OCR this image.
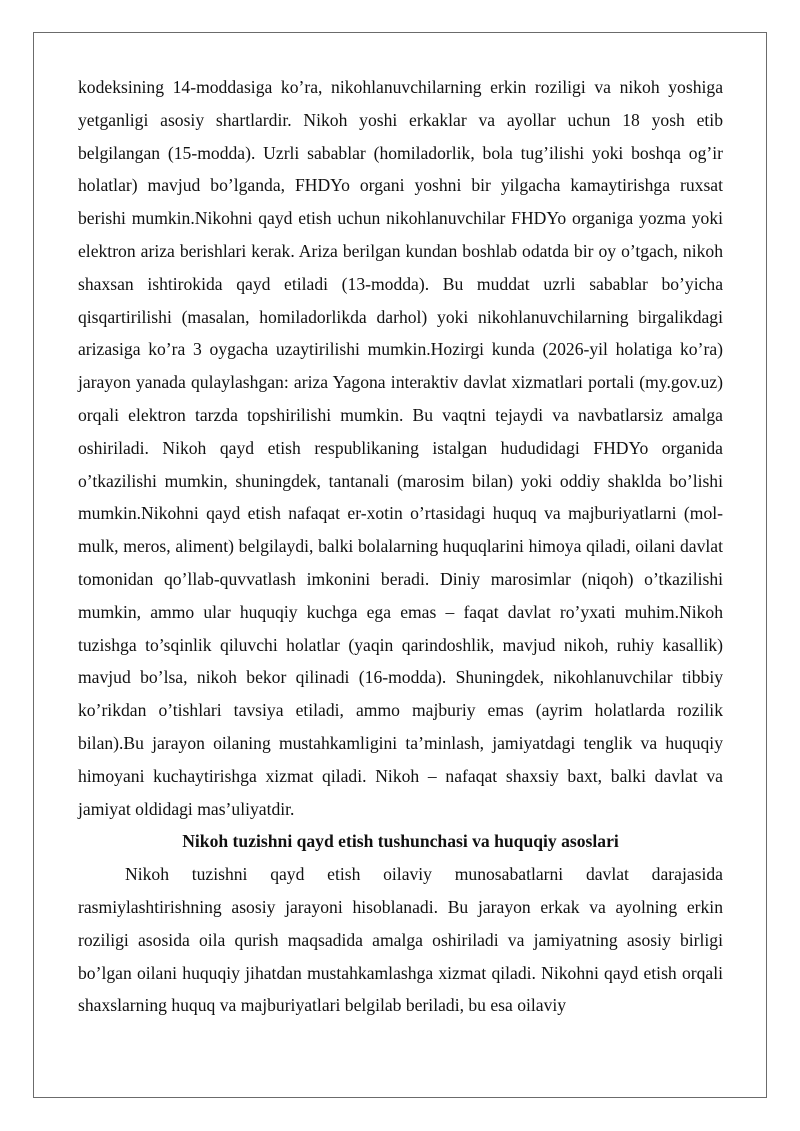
kodeksining 14-moddasiga ko’ra, nikohlanuvchilarning erkin roziligi va nikoh yoshiga yetganligi asosiy shartlardir. Nikoh yoshi erkaklar va ayollar uchun 18 yosh etib belgilangan (15-modda). Uzrli sabablar (homiladorlik, bola tug’ilishi yoki boshqa og’ir holatlar) mavjud bo’lganda, FHDYo organi yoshni bir yilgacha kamaytirishga ruxsat berishi mumkin.Nikohni qayd etish uchun nikohlanuvchilar FHDYo organiga yozma yoki elektron ariza berishlari kerak. Ariza berilgan kundan boshlab odatda bir oy o’tgach, nikoh shaxsan ishtirokida qayd etiladi (13-modda). Bu muddat uzrli sabablar bo’yicha qisqartirilishi (masalan, homiladorlikda darhol) yoki nikohlanuvchilarning birgalikdagi arizasiga ko’ra 3 oygacha uzaytirilishi mumkin.Hozirgi kunda (2026-yil holatiga ko’ra) jarayon yanada qulaylashgan: ariza Yagona interaktiv davlat xizmatlari portali (my.gov.uz) orqali elektron tarzda topshirilishi mumkin. Bu vaqtni tejaydi va navbatlarsiz amalga oshiriladi. Nikoh qayd etish respublikaning istalgan hududidagi FHDYo organida o’tkazilishi mumkin, shuningdek, tantanali (marosim bilan) yoki oddiy shaklda bo’lishi mumkin.Nikohni qayd etish nafaqat er-xotin o’rtasidagi huquq va majburiyatlarni (mol-mulk, meros, aliment) belgilaydi, balki bolalarning huquqlarini himoya qiladi, oilani davlat tomonidan qo’llab-quvvatlash imkonini beradi. Diniy marosimlar (niqoh) o’tkazilishi mumkin, ammo ular huquqiy kuchga ega emas – faqat davlat ro’yxati muhim.Nikoh tuzishga to’sqinlik qiluvchi holatlar (yaqin qarindoshlik, mavjud nikoh, ruhiy kasallik) mavjud bo’lsa, nikoh bekor qilinadi (16-modda). Shuningdek, nikohlanuvchilar tibbiy ko’rikdan o’tishlari tavsiya etiladi, ammo majburiy emas (ayrim holatlarda rozilik bilan).Bu jarayon oilaning mustahkamligini ta’minlash, jamiyatdagi tenglik va huquqiy himoyani kuchaytirishga xizmat qiladi. Nikoh – nafaqat shaxsiy baxt, balki davlat va jamiyat oldidagi mas’uliyatdir.

Nikoh tuzishni qayd etish tushunchasi va huquqiy asoslari

Nikoh tuzishni qayd etish oilaviy munosabatlarni davlat darajasida rasmiylashtirishning asosiy jarayoni hisoblanadi. Bu jarayon erkak va ayolning erkin roziligi asosida oila qurish maqsadida amalga oshiriladi va jamiyatning asosiy birligi bo’lgan oilani huquqiy jihatdan mustahkamlashga xizmat qiladi. Nikohni qayd etish orqali shaxslarning huquq va majburiyatlari belgilab beriladi, bu esa oilaviy
